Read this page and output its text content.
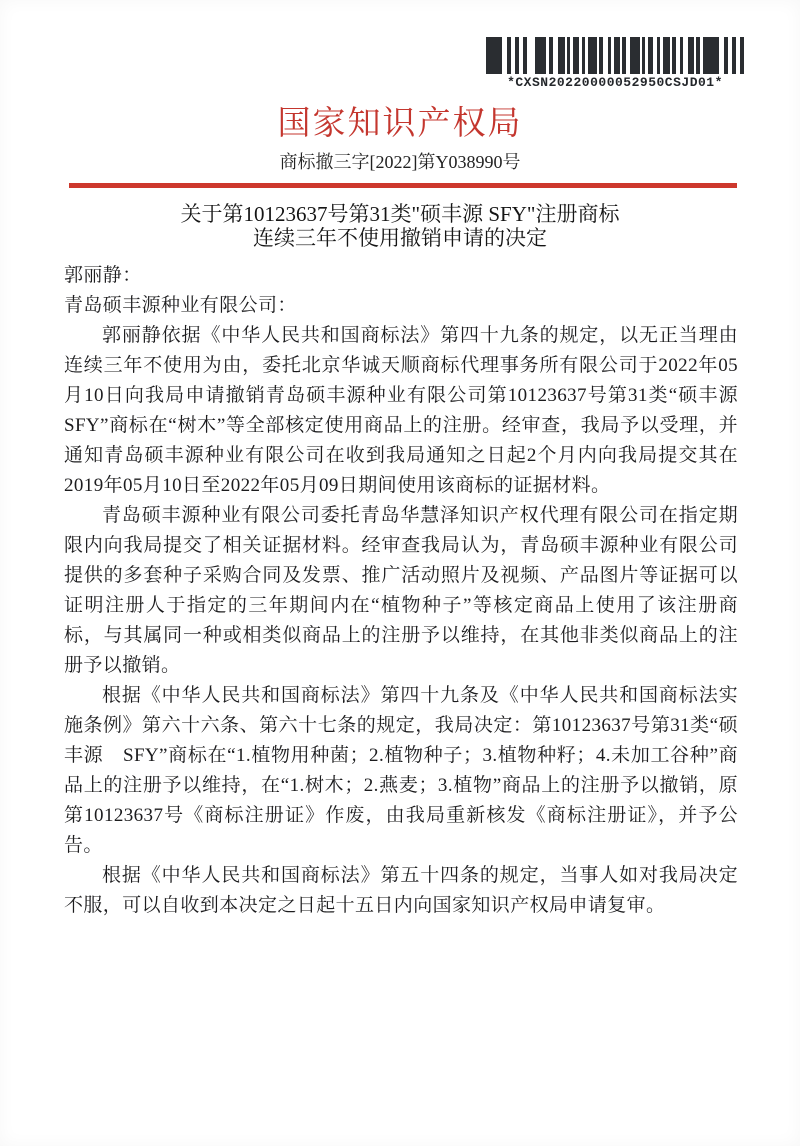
*CXSN20220000052950CSJD01*
国家知识产权局
商标撤三字[2022]第Y038990号
关于第10123637号第31类"硕丰源 SFY"注册商标
连续三年不使用撤销申请的决定
郭丽静：
青岛硕丰源种业有限公司：

郭丽静依据《中华人民共和国商标法》第四十九条的规定，以无正当理由连续三年不使用为由，委托北京华诚天顺商标代理事务所有限公司于2022年05月10日向我局申请撤销青岛硕丰源种业有限公司第10123637号第31类“硕丰源　SFY”商标在“树木”等全部核定使用商品上的注册。经审查，我局予以受理，并通知青岛硕丰源种业有限公司在收到我局通知之日起2个月内向我局提交其在2019年05月10日至2022年05月09日期间使用该商标的证据材料。

青岛硕丰源种业有限公司委托青岛华慧泽知识产权代理有限公司在指定期限内向我局提交了相关证据材料。经审查我局认为，青岛硕丰源种业有限公司提供的多套种子采购合同及发票、推广活动照片及视频、产品图片等证据可以证明注册人于指定的三年期间内在“植物种子”等核定商品上使用了该注册商标，与其属同一种或相类似商品上的注册予以维持，在其他非类似商品上的注册予以撤销。

根据《中华人民共和国商标法》第四十九条及《中华人民共和国商标法实施条例》第六十六条、第六十七条的规定，我局决定：第10123637号第31类“硕丰源　SFY”商标在“1.植物用种菌；2.植物种子；3.植物种籽；4.未加工谷种”商品上的注册予以维持，在“1.树木；2.燕麦；3.植物”商品上的注册予以撤销，原第10123637号《商标注册证》作废，由我局重新核发《商标注册证》，并予公告。

根据《中华人民共和国商标法》第五十四条的规定，当事人如对我局决定不服，可以自收到本决定之日起十五日内向国家知识产权局申请复审。
